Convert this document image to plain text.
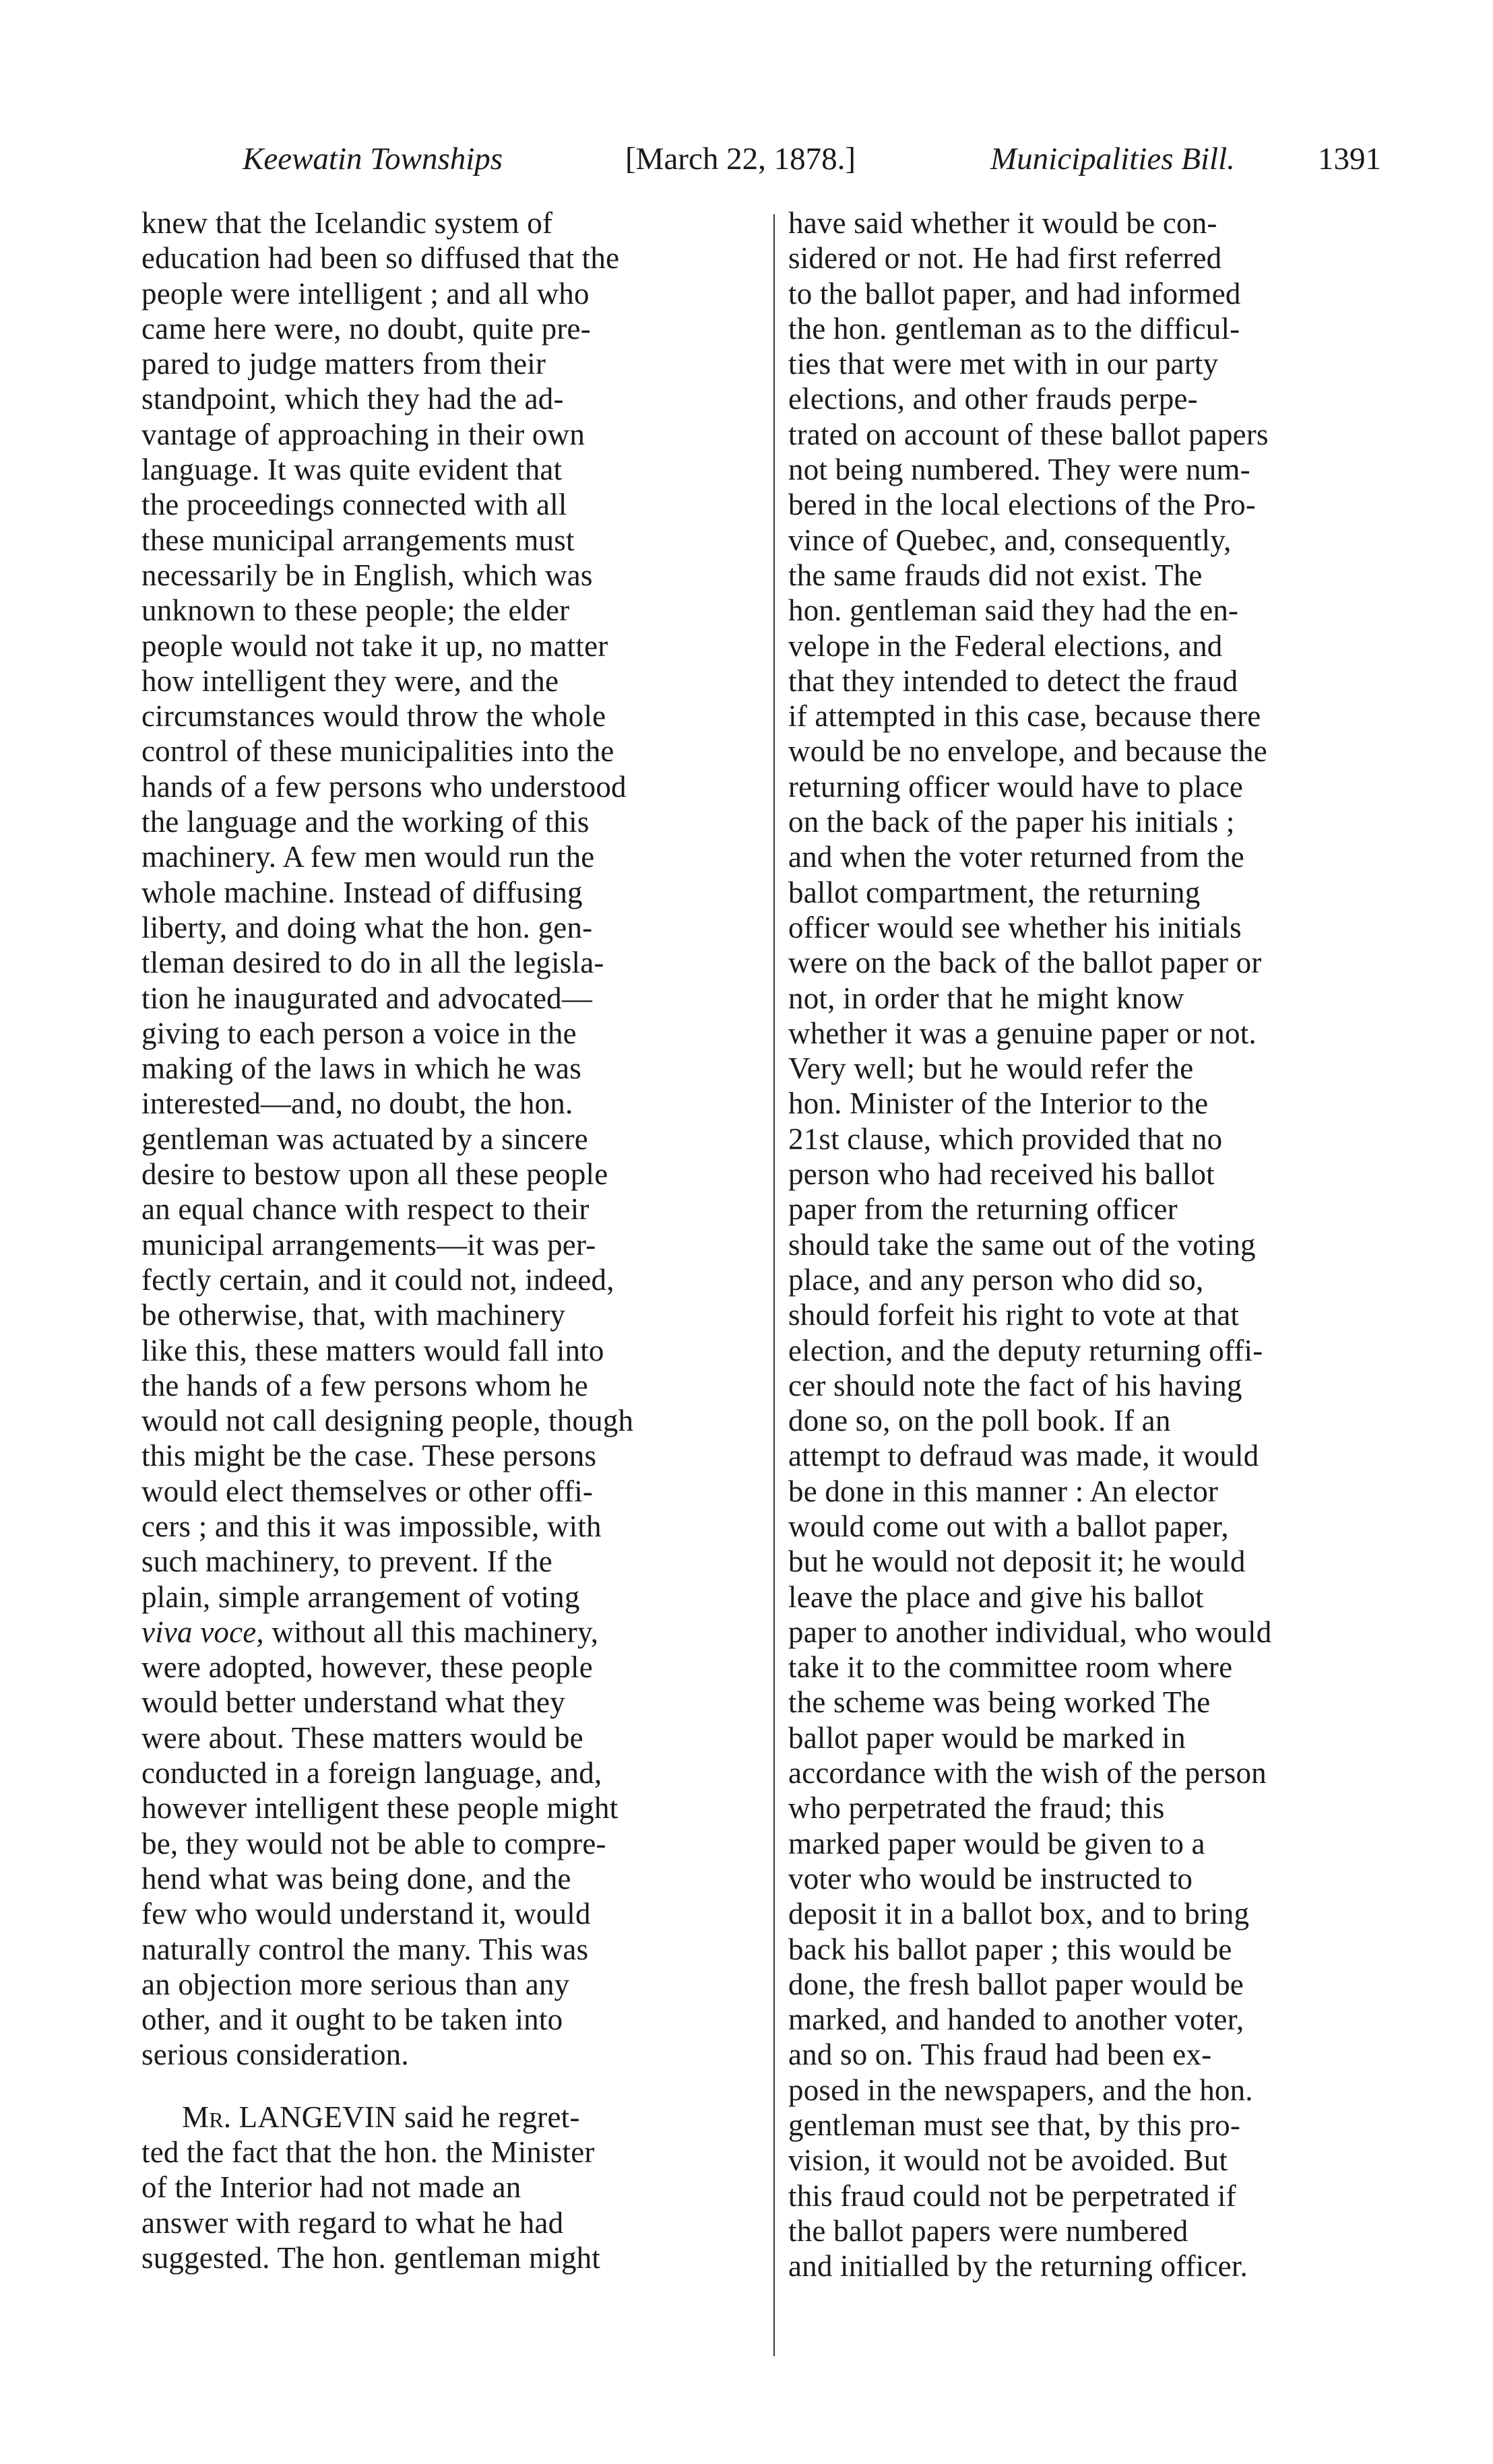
Keewatin Townships	[March 22, 1878.]	Municipalities Bill.	1391

knew that the Icelandic system of

education had been so diffused that the

people were intelligent ; and all who

came here were, no doubt, quite pre-

pared to judge matters from their

standpoint, which they had the ad-

vantage of approaching in their own

language. It was quite evident that

the proceedings connected with all

these municipal arrangements must

necessarily be in English, which was

unknown to these people; the elder

people would not take it up, no matter

how intelligent they were, and the

circumstances would throw the whole

control of these municipalities into the

hands of a few persons who understood

the language and the working of this

machinery. A few men would run the

whole machine. Instead of diffusing

liberty, and doing what the hon. gen-

tleman desired to do in all the legisla-

tion he inaugurated and advocated—

giving to each person a voice in the

making of the laws in which he was

interested—and, no doubt, the hon.

gentleman was actuated by a sincere

desire to bestow upon all these people

an equal chance with respect to their

municipal arrangements—it was per-

fectly certain, and it could not, indeed,

be otherwise, that, with machinery

like this, these matters would fall into

the hands of a few persons whom he

would not call designing people, though

this might be the case. These persons

would elect themselves or other offi-

cers ; and this it was impossible, with

such machinery, to prevent. If the

plain, simple arrangement of voting

viva voce, without all this machinery,

were adopted, however, these people

would better understand what they

were about. These matters would be

conducted in a foreign language, and,

however intelligent these people might

be, they would not be able to compre-

hend what was being done, and the

few who would understand it, would

naturally control the many. This was

an objection more serious than any

other, and it ought to be taken into

serious consideration.

Mr. LANGEVIN said he regret-

ted the fact that the hon. the Minister

of the Interior had not made an

answer with regard to what he had

suggested. The hon. gentleman might

have said whether it would be con-

sidered or not. He had first referred

to the ballot paper, and had informed

the hon. gentleman as to the difficul-

ties that were met with in our party

elections, and other frauds perpe-

trated on account of these ballot papers

not being numbered. They were num-

bered in the local elections of the Pro-

vince of Quebec, and, consequently,

the same frauds did not exist. The

hon. gentleman said they had the en-

velope in the Federal elections, and

that they intended to detect the fraud

if attempted in this case, because there

would be no envelope, and because the

returning officer would have to place

on the back of the paper his initials ;

and when the voter returned from the

ballot compartment, the returning

officer would see whether his initials

were on the back of the ballot paper or

not, in order that he might know

whether it was a genuine paper or not.

Very well; but he would refer the

hon. Minister of the Interior to the

21st clause, which provided that no

person who had received his ballot

paper from the returning officer

should take the same out of the voting

place, and any person who did so,

should forfeit his right to vote at that

election, and the deputy returning offi-

cer should note the fact of his having

done so, on the poll book. If an

attempt to defraud was made, it would

be done in this manner : An elector

would come out with a ballot paper,

but he would not deposit it; he would

leave the place and give his ballot

paper to another individual, who would

take it to the committee room where

the scheme was being worked The

ballot paper would be marked in

accordance with the wish of the person

who perpetrated the fraud; this

marked paper would be given to a

voter who would be instructed to

deposit it in a ballot box, and to bring

back his ballot paper ; this would be

done, the fresh ballot paper would be

marked, and handed to another voter,

and so on. This fraud had been ex-

posed in the newspapers, and the hon.

gentleman must see that, by this pro-

vision, it would not be avoided. But

this fraud could not be perpetrated if

the ballot papers were numbered

and initialled by the returning officer.
